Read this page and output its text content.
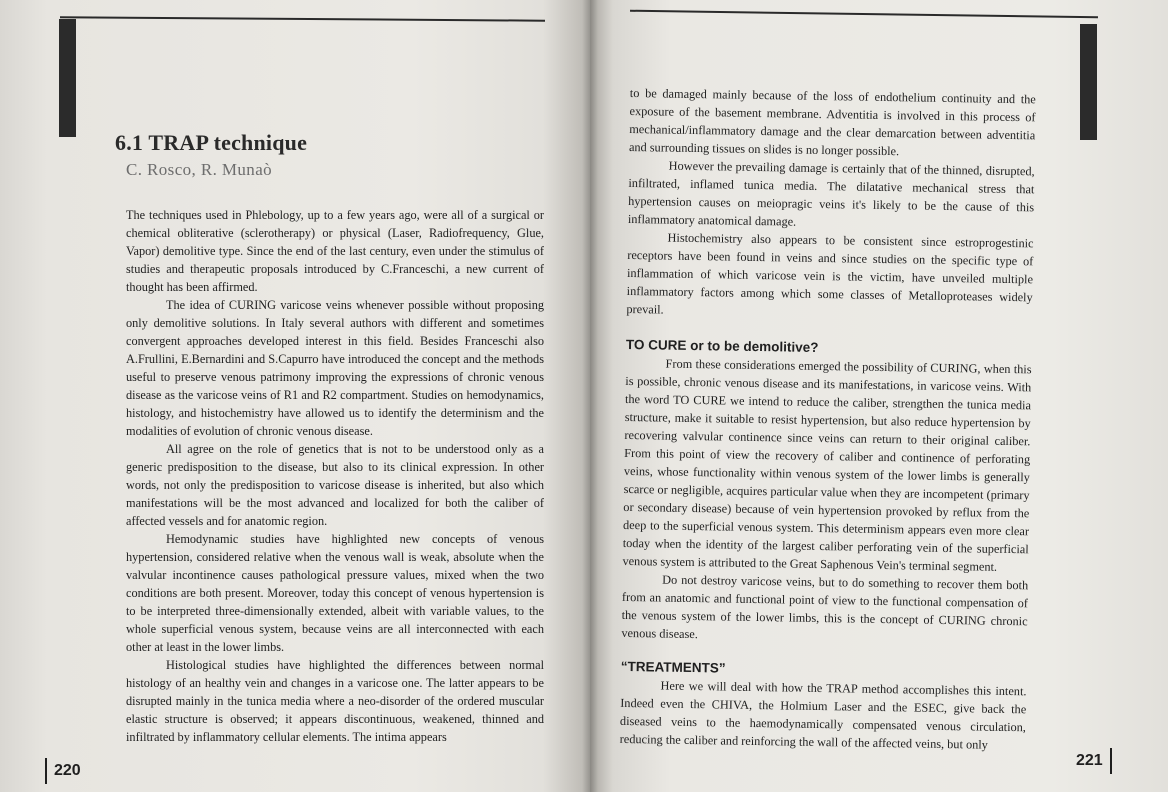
6.1 TRAP technique

C. Rosco, R. Munaò

The techniques used in Phlebology, up to a few years ago, were all of a surgical or chemical obliterative (sclerotherapy) or physical (Laser, Radiofrequency, Glue, Vapor) demolitive type. Since the end of the last century, even under the stimulus of studies and therapeutic proposals introduced by C.Franceschi, a new current of thought has been affirmed.

The idea of CURING varicose veins whenever possible without proposing only demolitive solutions. In Italy several authors with different and sometimes convergent approaches developed interest in this field. Besides Franceschi also A.Frullini, E.Bernardini and S.Capurro have introduced the concept and the methods useful to preserve venous patrimony improving the expressions of chronic venous disease as the varicose veins of R1 and R2 compartment. Studies on hemodynamics, histology, and histochemistry have allowed us to identify the determinism and the modalities of evolution of chronic venous disease.

All agree on the role of genetics that is not to be understood only as a generic predisposition to the disease, but also to its clinical expression. In other words, not only the predisposition to varicose disease is inherited, but also which manifestations will be the most advanced and localized for both the caliber of affected vessels and for anatomic region.

Hemodynamic studies have highlighted new concepts of venous hypertension, considered relative when the venous wall is weak, absolute when the valvular incontinence causes pathological pressure values, mixed when the two conditions are both present. Moreover, today this concept of venous hypertension is to be interpreted three-dimensionally extended, albeit with variable values, to the whole superficial venous system, because veins are all interconnected with each other at least in the lower limbs.

Histological studies have highlighted the differences between normal histology of an healthy vein and changes in a varicose one. The latter appears to be disrupted mainly in the tunica media where a neo-disorder of the ordered muscular elastic structure is observed; it appears discontinuous, weakened, thinned and infiltrated by inflammatory cellular elements. The intima appears

220

to be damaged mainly because of the loss of endothelium continuity and the exposure of the basement membrane. Adventitia is involved in this process of mechanical/inflammatory damage and the clear demarcation between adventitia and surrounding tissues on slides is no longer possible.

However the prevailing damage is certainly that of the thinned, disrupted, infiltrated, inflamed tunica media. The dilatative mechanical stress that hypertension causes on meiopragic veins it's likely to be the cause of this inflammatory anatomical damage.

Histochemistry also appears to be consistent since estroprogestinic receptors have been found in veins and since studies on the specific type of inflammation of which varicose vein is the victim, have unveiled multiple inflammatory factors among which some classes of Metalloproteases widely prevail.

TO CURE or to be demolitive?

From these considerations emerged the possibility of CURING, when this is possible, chronic venous disease and its manifestations, in varicose veins. With the word TO CURE we intend to reduce the caliber, strengthen the tunica media structure, make it suitable to resist hypertension, but also reduce hypertension by recovering valvular continence since veins can return to their original caliber. From this point of view the recovery of caliber and continence of perforating veins, whose functionality within venous system of the lower limbs is generally scarce or negligible, acquires particular value when they are incompetent (primary or secondary disease) because of vein hypertension provoked by reflux from the deep to the superficial venous system. This determinism appears even more clear today when the identity of the largest caliber perforating vein of the superficial venous system is attributed to the Great Saphenous Vein's terminal segment.

Do not destroy varicose veins, but to do something to recover them both from an anatomic and functional point of view to the functional compensation of the venous system of the lower limbs, this is the concept of CURING chronic venous disease.

“TREATMENTS”

Here we will deal with how the TRAP method accomplishes this intent. Indeed even the CHIVA, the Holmium Laser and the ESEC, give back the diseased veins to the haemodynamically compensated venous circulation, reducing the caliber and reinforcing the wall of the affected veins, but only

221
